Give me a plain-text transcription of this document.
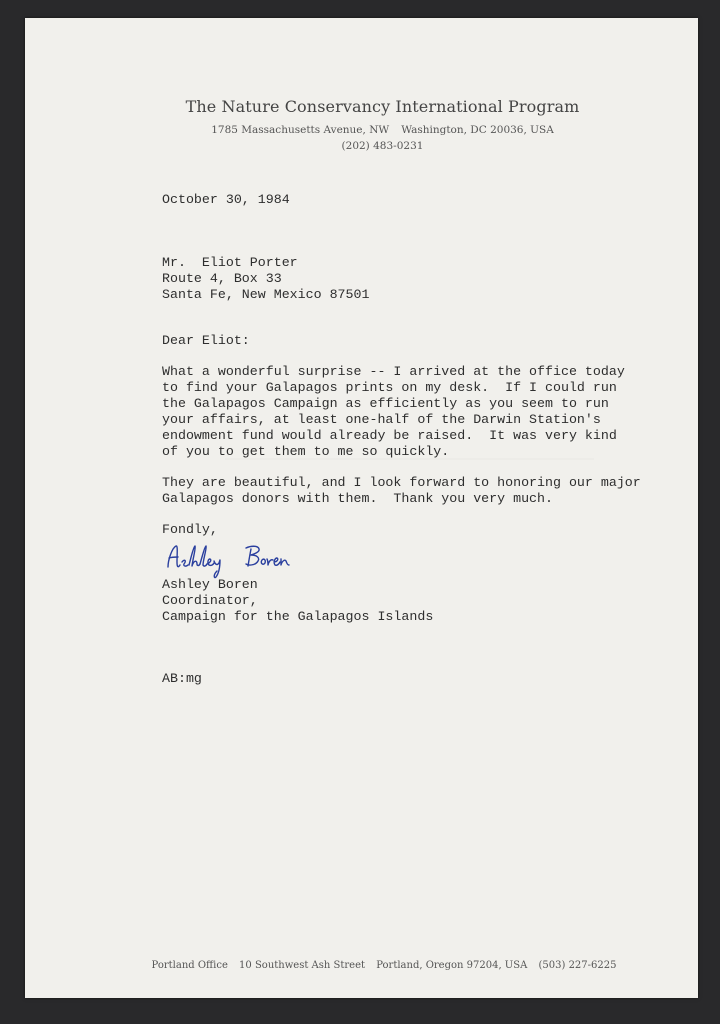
The Nature Conservancy International Program
1785 Massachusetts Avenue, NW Washington, DC 20036, USA
(202) 483-0231
October 30, 1984
Mr.  Eliot Porter
Route 4, Box 33
Santa Fe, New Mexico 87501
Dear Eliot:
What a wonderful surprise -- I arrived at the office today
to find your Galapagos prints on my desk.  If I could run
the Galapagos Campaign as efficiently as you seem to run
your affairs, at least one-half of the Darwin Station's
endowment fund would already be raised.  It was very kind
of you to get them to me so quickly.
They are beautiful, and I look forward to honoring our major
Galapagos donors with them.  Thank you very much.
Fondly,
Ashley Boren
Coordinator,
Campaign for the Galapagos Islands
AB:mg
Portland Office 10 Southwest Ash Street Portland, Oregon 97204, USA (503) 227-6225
